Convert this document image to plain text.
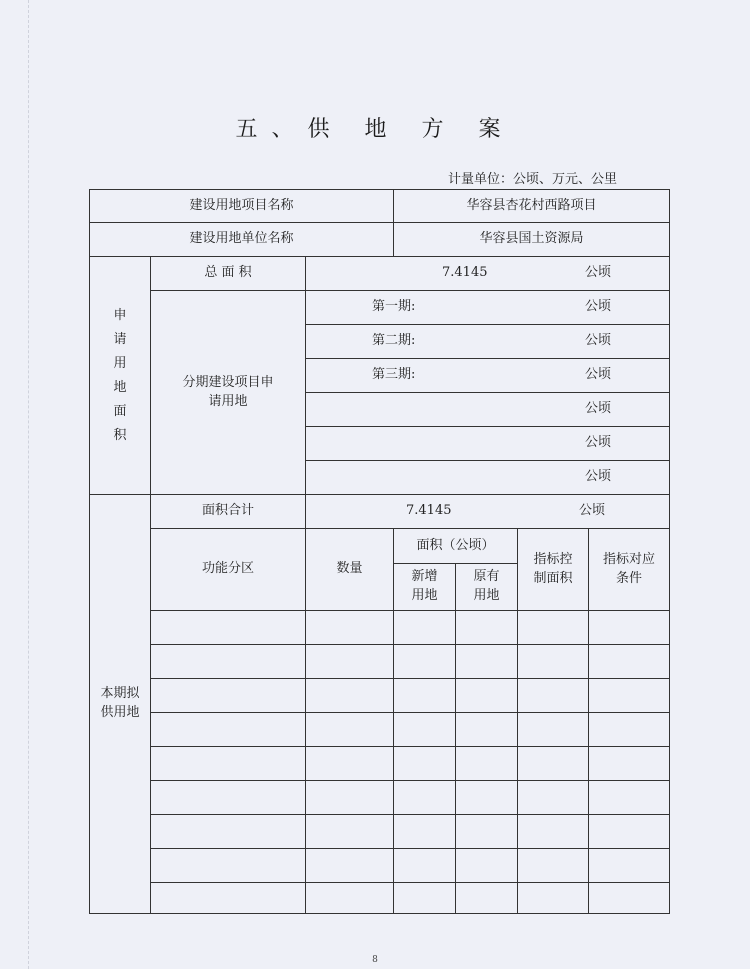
五、供 地 方 案
计量单位：公顷、万元、公里
建设用地项目名称			华容县杏花村西路项目			
建设用地单位名称			华容县国土资源局			
申请用地面积	总 面 积	7.4145 公顷				

	分期建设项目申请用地	第一期: 公顷				

		第二期: 公顷				

		第三期: 公顷				

		公顷				

		公顷				

		公顷				

本期拟供用地	面积合计	7.4145 公顷				

	功能分区	数量	面积（公顷）		指标控制面积	指标对应条件
			新增用地	原有用地		

8
